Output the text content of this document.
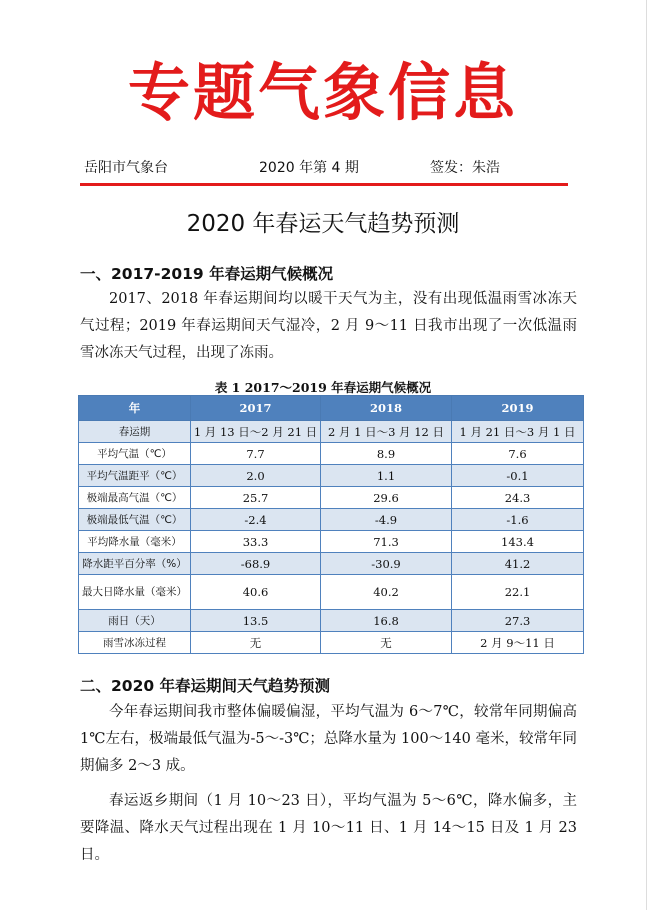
专题气象信息
岳阳市气象台	2020 年第 4 期	签发：朱浩
2020 年春运天气趋势预测
一、2017-2019 年春运期气候概况
2017、2018 年春运期间均以暖干天气为主，没有出现低温雨雪冰冻天气过程；2019 年春运期间天气湿冷，2 月 9～11 日我市出现了一次低温雨雪冰冻天气过程，出现了冻雨。
表 1 2017～2019 年春运期气候概况
年	2017	2018	2019
春运期	1 月 13 日～2 月 21 日	2 月 1 日～3 月 12 日	1 月 21 日～3 月 1 日
平均气温（℃）	7.7	8.9	7.6
平均气温距平（℃）	2.0	1.1	-0.1
极端最高气温（℃）	25.7	29.6	24.3
极端最低气温（℃）	-2.4	-4.9	-1.6
平均降水量（毫米）	33.3	71.3	143.4
降水距平百分率（%）	-68.9	-30.9	41.2
最大日降水量（毫米）	40.6	40.2	22.1
雨日（天）	13.5	16.8	27.3
雨雪冰冻过程	无	无	2 月 9～11 日
二、2020 年春运期间天气趋势预测
今年春运期间我市整体偏暖偏湿，平均气温为 6～7℃，较常年同期偏高 1℃左右，极端最低气温为-5～-3℃；总降水量为 100～140 毫米，较常年同期偏多 2～3 成。
春运返乡期间（1 月 10～23 日），平均气温为 5～6℃，降水偏多，主要降温、降水天气过程出现在 1 月 10～11 日、1 月 14～15 日及 1 月 23 日。
